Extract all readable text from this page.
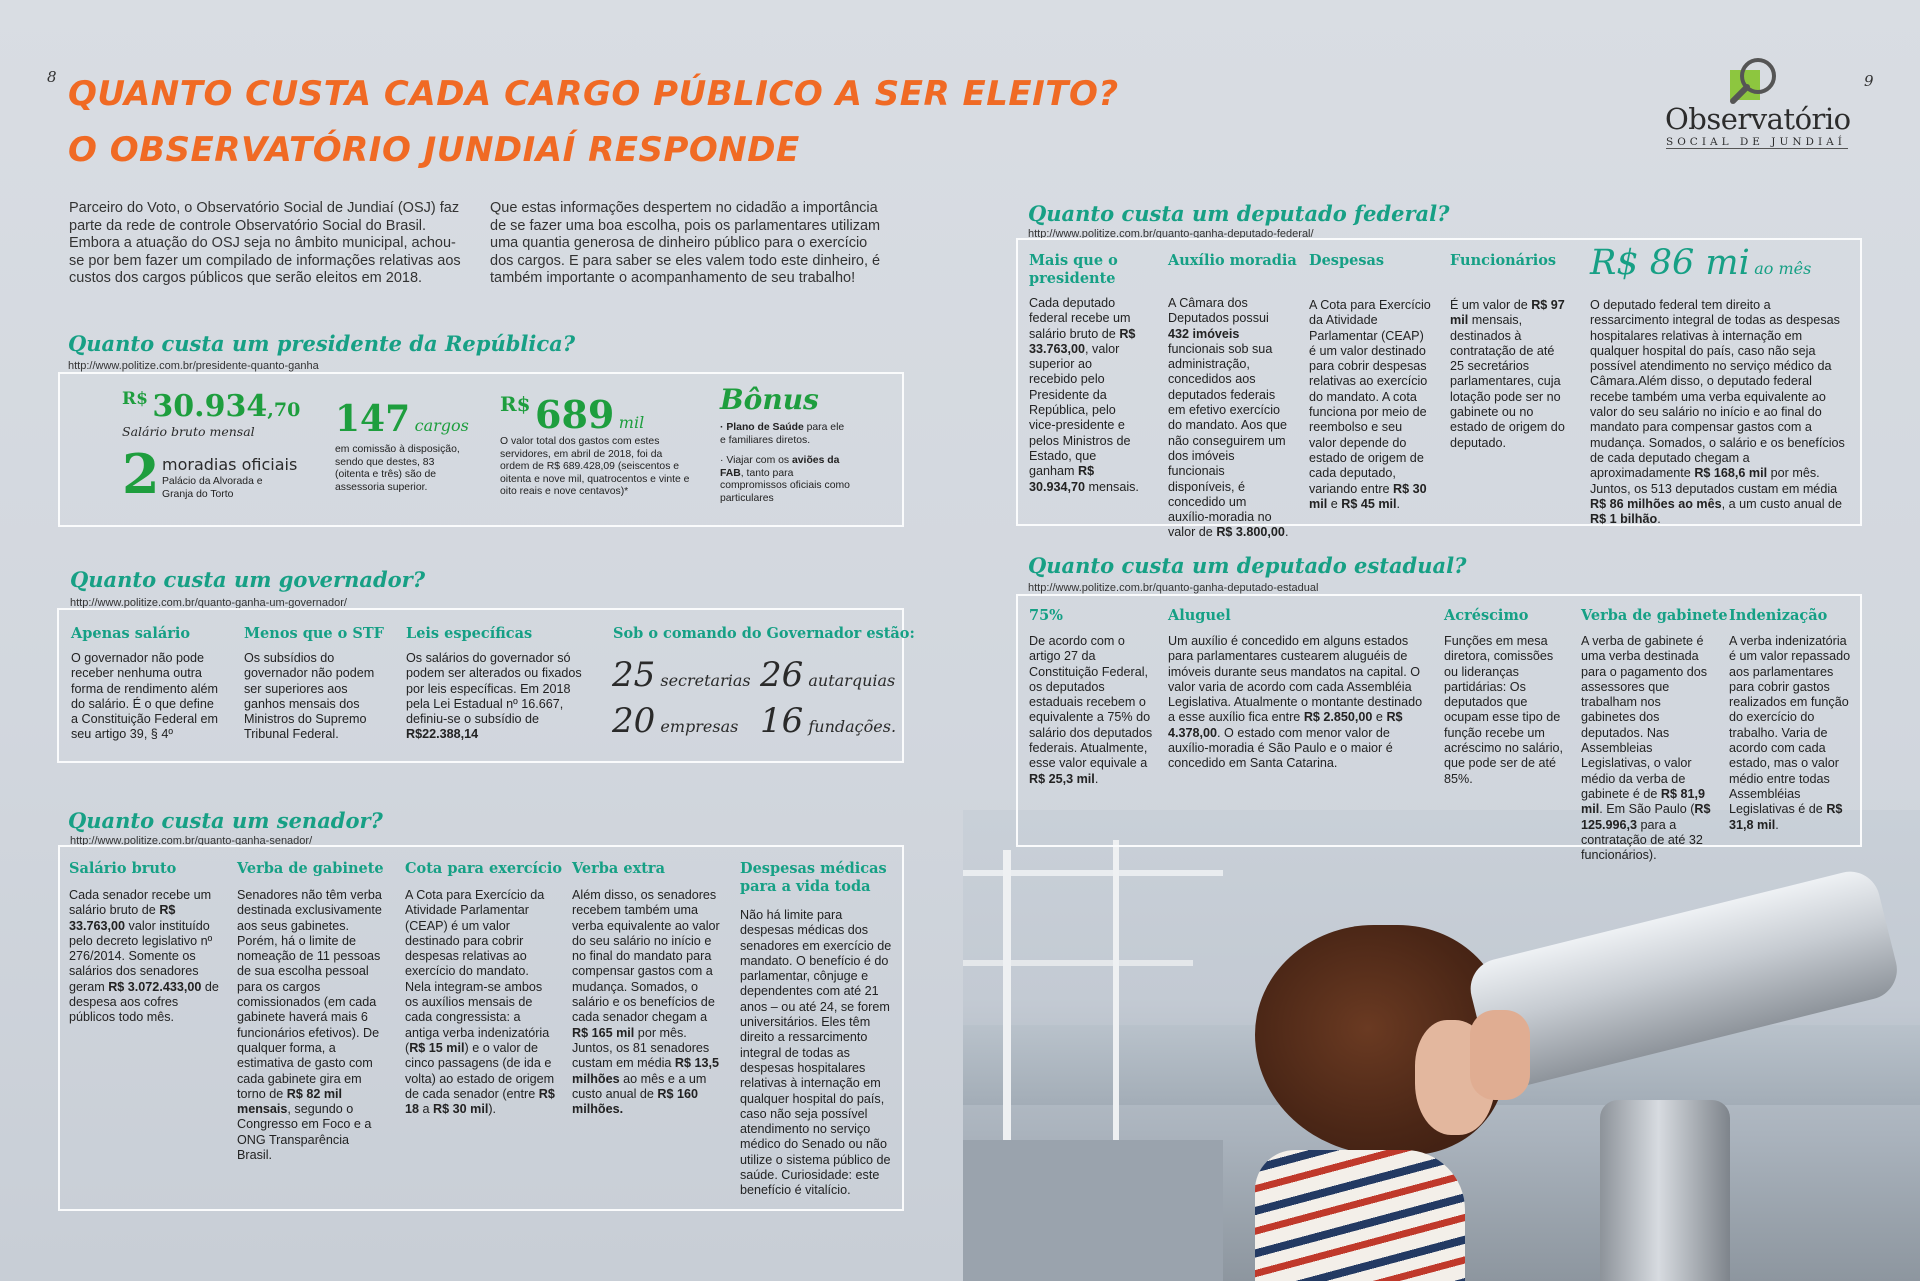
8	9
QUANTO CUSTA CADA CARGO PÚBLICO A SER ELEITO?
O OBSERVATÓRIO JUNDIAÍ RESPONDE
Observatório
SOCIAL DE JUNDIAÍ
Parceiro do Voto, o Observatório Social de Jundiaí (OSJ) faz parte da rede de controle Observatório Social do Brasil. Embora a atuação do OSJ seja no âmbito municipal, achou-se por bem fazer um compilado de informações relativas aos custos dos cargos públicos que serão eleitos em 2018.
Que estas informações despertem no cidadão a importância de se fazer uma boa escolha, pois os parlamentares utilizam uma quantia generosa de dinheiro público para o exercício dos cargos. E para saber se eles valem todo este dinheiro, é também importante o acompanhamento de seu trabalho!
Quanto custa um presidente da República?
http://www.politize.com.br/presidente-quanto-ganha
R$ 30.934,70
Salário bruto mensal
2 moradias oficiais
Palácio da Alvorada e Granja do Torto
147 cargos
em comissão à disposição, sendo que destes, 83 (oitenta e três) são de assessoria superior.
R$ 689 mil
O valor total dos gastos com estes servidores, em abril de 2018, foi da ordem de R$ 689.428,09 (seiscentos e oitenta e nove mil, quatrocentos e vinte e oito reais e nove centavos)*
Bônus
· Plano de Saúde para ele e familiares diretos.
· Viajar com os aviões da FAB, tanto para compromissos oficiais como particulares
Quanto custa um governador?
http://www.politize.com.br/quanto-ganha-um-governador/
Apenas salário
O governador não pode receber nenhuma outra forma de rendimento além do salário. É o que define a Constituição Federal em seu artigo 39, § 4º
Menos que o STF
Os subsídios do governador não podem ser superiores aos ganhos mensais dos Ministros do Supremo Tribunal Federal.
Leis específicas
Os salários do governador só podem ser alterados ou fixados por leis específicas. Em 2018 pela Lei Estadual nº 16.667, definiu-se o subsídio de R$22.388,14
Sob o comando do Governador estão:
25 secretarias 26 autarquias
20 empresas 16 fundações.
Quanto custa um senador?
http://www.politize.com.br/quanto-ganha-senador/
Salário bruto
Cada senador recebe um salário bruto de R$ 33.763,00 valor instituído pelo decreto legislativo nº 276/2014. Somente os salários dos senadores geram R$ 3.072.433,00 de despesa aos cofres públicos todo mês.
Verba de gabinete
Senadores não têm verba destinada exclusivamente aos seus gabinetes. Porém, há o limite de nomeação de 11 pessoas de sua escolha pessoal para os cargos comissionados (em cada gabinete haverá mais 6 funcionários efetivos). De qualquer forma, a estimativa de gasto com cada gabinete gira em torno de R$ 82 mil mensais, segundo o Congresso em Foco e a ONG Transparência Brasil.
Cota para exercício
A Cota para Exercício da Atividade Parlamentar (CEAP) é um valor destinado para cobrir despesas relativas ao exercício do mandato. Nela integram-se ambos os auxílios mensais de cada congressista: a antiga verba indenizatória (R$ 15 mil) e o valor de cinco passagens (de ida e volta) ao estado de origem de cada senador (entre R$ 18 a R$ 30 mil).
Verba extra
Além disso, os senadores recebem também uma verba equivalente ao valor do seu salário no início e no final do mandato para compensar gastos com a mudança. Somados, o salário e os benefícios de cada senador chegam a R$ 165 mil por mês. Juntos, os 81 senadores custam em média R$ 13,5 milhões ao mês e a um custo anual de R$ 160 milhões.
Despesas médicas para a vida toda
Não há limite para despesas médicas dos senadores em exercício de mandato. O benefício é do parlamentar, cônjuge e dependentes com até 21 anos – ou até 24, se forem universitários. Eles têm direito a ressarcimento integral de todas as despesas hospitalares relativas à internação em qualquer hospital do país, caso não seja possível atendimento no serviço médico do Senado ou não utilize o sistema público de saúde. Curiosidade: este benefício é vitalício.
Quanto custa um deputado federal?
http://www.politize.com.br/quanto-ganha-deputado-federal/
Mais que o presidente
Cada deputado federal recebe um salário bruto de R$ 33.763,00, valor superior ao recebido pelo Presidente da República, pelo vice-presidente e pelos Ministros de Estado, que ganham R$ 30.934,70 mensais.
Auxílio moradia
A Câmara dos Deputados possui 432 imóveis funcionais sob sua administração, concedidos aos deputados federais em efetivo exercício do mandato. Aos que não conseguirem um dos imóveis funcionais disponíveis, é concedido um auxílio-moradia no valor de R$ 3.800,00.
Despesas
A Cota para Exercício da Atividade Parlamentar (CEAP) é um valor destinado para cobrir despesas relativas ao exercício do mandato. A cota funciona por meio de reembolso e seu valor depende do estado de origem de cada deputado, variando entre R$ 30 mil e R$ 45 mil.
Funcionários
É um valor de R$ 97 mil mensais, destinados à contratação de até 25 secretários parlamentares, cuja lotação pode ser no gabinete ou no estado de origem do deputado.
R$ 86 mi ao mês
O deputado federal tem direito a ressarcimento integral de todas as despesas hospitalares relativas à internação em qualquer hospital do país, caso não seja possível atendimento no serviço médico da Câmara.Além disso, o deputado federal recebe também uma verba equivalente ao valor do seu salário no início e ao final do mandato para compensar gastos com a mudança. Somados, o salário e os benefícios de cada deputado chegam a aproximadamente R$ 168,6 mil por mês. Juntos, os 513 deputados custam em média R$ 86 milhões ao mês, a um custo anual de R$ 1 bilhão.
Quanto custa um deputado estadual?
http://www.politize.com.br/quanto-ganha-deputado-estadual
75%
De acordo com o artigo 27 da Constituição Federal, os deputados estaduais recebem o equivalente a 75% do salário dos deputados federais. Atualmente, esse valor equivale a R$ 25,3 mil.
Aluguel
Um auxílio é concedido em alguns estados para parlamentares custearem aluguéis de imóveis durante seus mandatos na capital. O valor varia de acordo com cada Assembléia Legislativa. Atualmente o montante destinado a esse auxílio fica entre R$ 2.850,00 e R$ 4.378,00. O estado com menor valor de auxílio-moradia é São Paulo e o maior é concedido em Santa Catarina.
Acréscimo
Funções em mesa diretora, comissões ou lideranças partidárias: Os deputados que ocupam esse tipo de função recebe um acréscimo no salário, que pode ser de até 85%.
Verba de gabinete
A verba de gabinete é uma verba destinada para o pagamento dos assessores que trabalham nos gabinetes dos deputados. Nas Assembleias Legislativas, o valor médio da verba de gabinete é de R$ 81,9 mil. Em São Paulo (R$ 125.996,3 para a contratação de até 32 funcionários).
Indenização
A verba indenizatória é um valor repassado aos parlamentares para cobrir gastos realizados em função do exercício do trabalho. Varia de acordo com cada estado, mas o valor médio entre todas Assembléias Legislativas é de R$ 31,8 mil.
